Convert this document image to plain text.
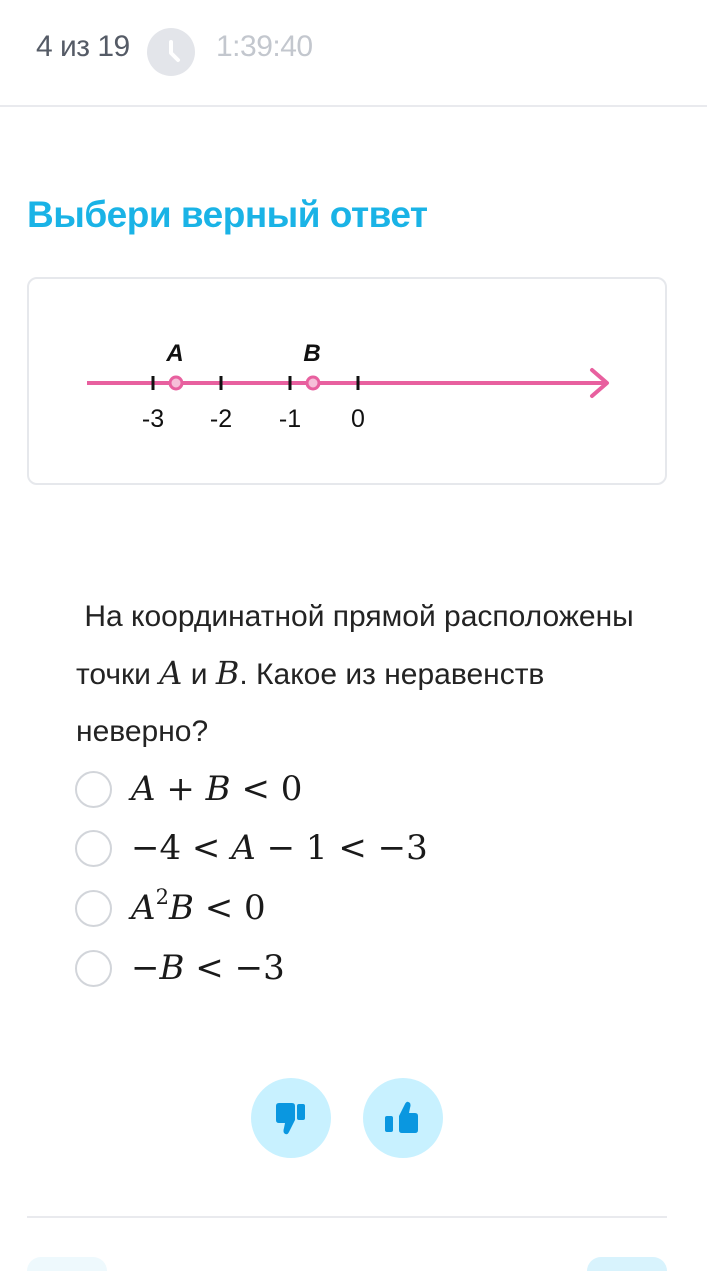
4 из 19	1:39:40
Выбери верный ответ
A	B
-3 -2 -1 0
На координатной прямой расположены точки A и B. Какое из неравенств неверно?
A + B < 0
−4 < A − 1 < −3
$A^2B < 0$
−B < −3
